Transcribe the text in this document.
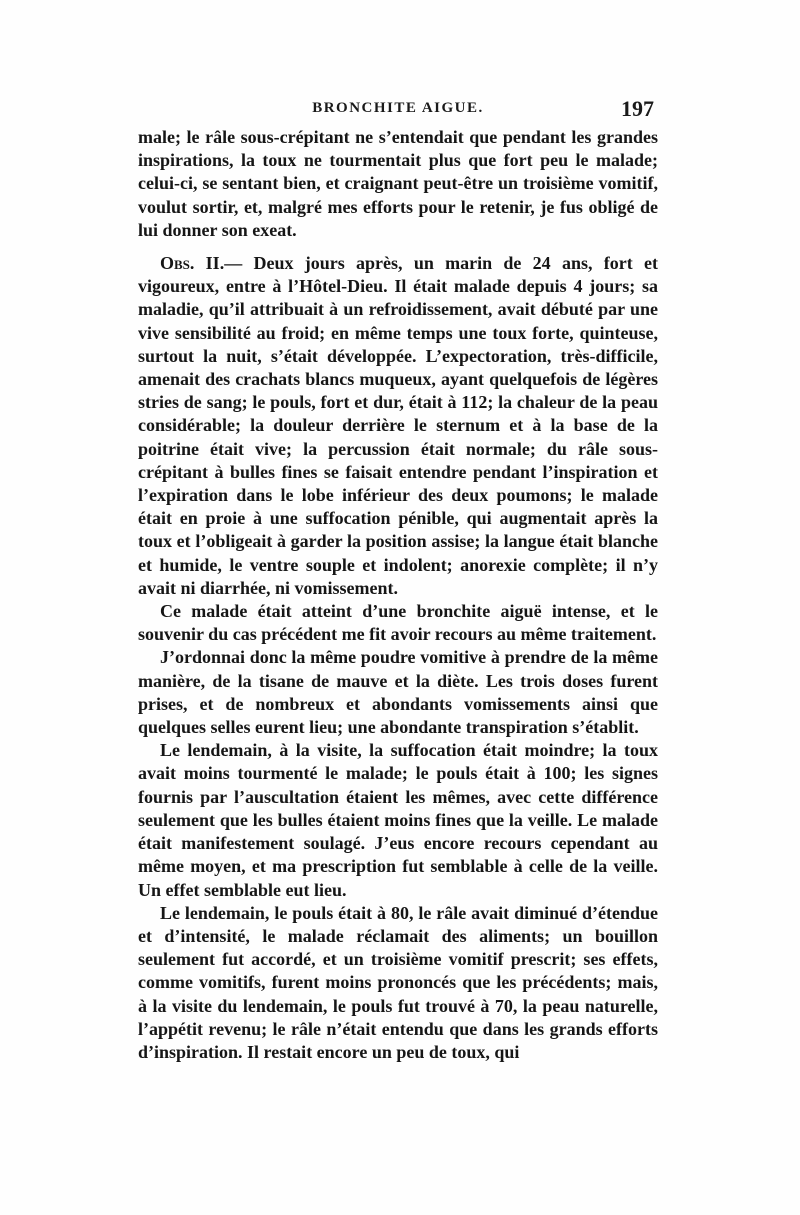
BRONCHITE AIGUE.	197

male; le râle sous-crépitant ne s’entendait que pendant les grandes inspirations, la toux ne tourmentait plus que fort peu le malade; celui-ci, se sentant bien, et craignant peut-être un troisième vomitif, voulut sortir, et, malgré mes efforts pour le retenir, je fus obligé de lui donner son exeat.

Obs. II.— Deux jours après, un marin de 24 ans, fort et vigoureux, entre à l’Hôtel-Dieu. Il était malade depuis 4 jours; sa maladie, qu’il attribuait à un refroidissement, avait débuté par une vive sensibilité au froid; en même temps une toux forte, quinteuse, surtout la nuit, s’était développée. L’expectoration, très-difficile, amenait des crachats blancs muqueux, ayant quelquefois de légères stries de sang; le pouls, fort et dur, était à 112; la chaleur de la peau considérable; la douleur derrière le sternum et à la base de la poitrine était vive; la percussion était normale; du râle sous-crépitant à bulles fines se faisait entendre pendant l’inspiration et l’expiration dans le lobe inférieur des deux poumons; le malade était en proie à une suffocation pénible, qui augmentait après la toux et l’obligeait à garder la position assise; la langue était blanche et humide, le ventre souple et indolent; anorexie complète; il n’y avait ni diarrhée, ni vomissement.

Ce malade était atteint d’une bronchite aiguë intense, et le souvenir du cas précédent me fit avoir recours au même traitement.

J’ordonnai donc la même poudre vomitive à prendre de la même manière, de la tisane de mauve et la diète. Les trois doses furent prises, et de nombreux et abondants vomissements ainsi que quelques selles eurent lieu; une abondante transpiration s’établit.

Le lendemain, à la visite, la suffocation était moindre; la toux avait moins tourmenté le malade; le pouls était à 100; les signes fournis par l’auscultation étaient les mêmes, avec cette différence seulement que les bulles étaient moins fines que la veille. Le malade était manifestement soulagé. J’eus encore recours cependant au même moyen, et ma prescription fut semblable à celle de la veille. Un effet semblable eut lieu.

Le lendemain, le pouls était à 80, le râle avait diminué d’étendue et d’intensité, le malade réclamait des aliments; un bouillon seulement fut accordé, et un troisième vomitif prescrit; ses effets, comme vomitifs, furent moins prononcés que les précédents; mais, à la visite du lendemain, le pouls fut trouvé à 70, la peau naturelle, l’appétit revenu; le râle n’était entendu que dans les grands efforts d’inspiration. Il restait encore un peu de toux, qui
